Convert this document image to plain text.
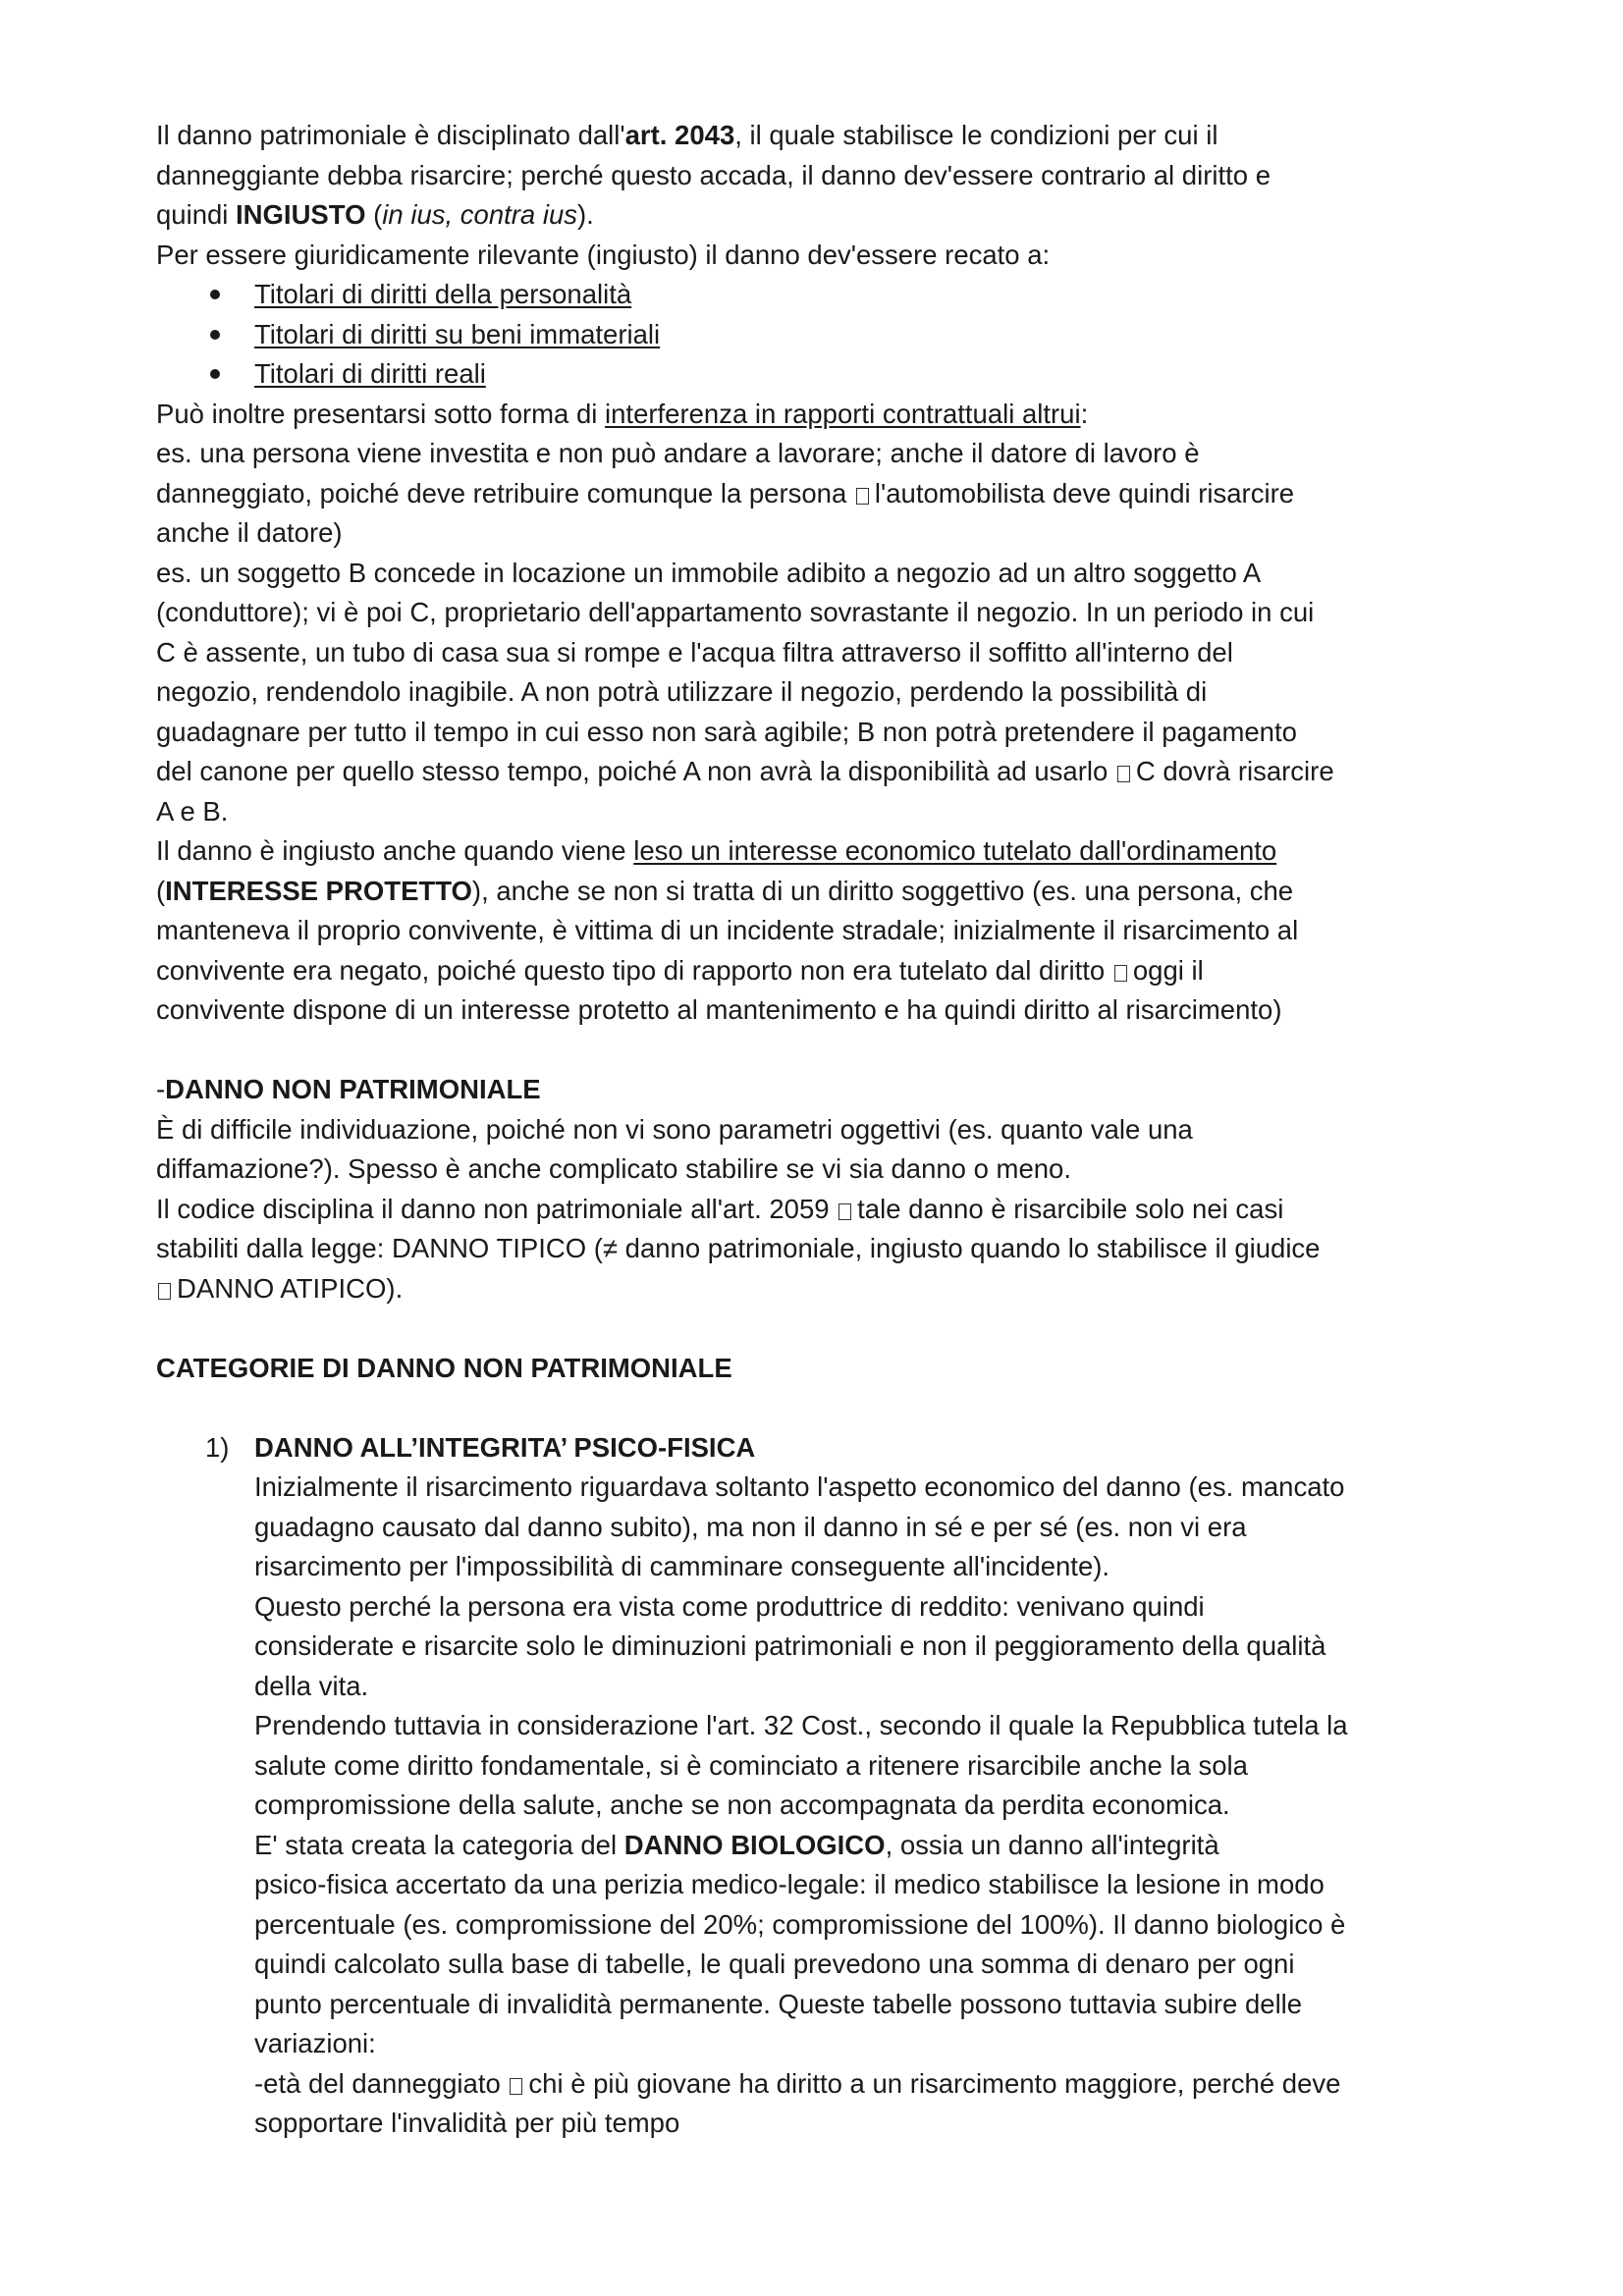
Il danno patrimoniale è disciplinato dall'art. 2043, il quale stabilisce le condizioni per cui il
danneggiante debba risarcire; perché questo accada, il danno dev'essere contrario al diritto e
quindi INGIUSTO (in ius, contra ius).

Per essere giuridicamente rilevante (ingiusto) il danno dev'essere recato a:

Titolari di diritti della personalità
Titolari di diritti su beni immateriali
Titolari di diritti reali

Può inoltre presentarsi sotto forma di interferenza in rapporti contrattuali altrui:

es. una persona viene investita e non può andare a lavorare; anche il datore di lavoro è
danneggiato, poiché deve retribuire comunque la persona l'automobilista deve quindi risarcire
anche il datore)

es. un soggetto B concede in locazione un immobile adibito a negozio ad un altro soggetto A
(conduttore); vi è poi C, proprietario dell'appartamento sovrastante il negozio. In un periodo in cui
C è assente, un tubo di casa sua si rompe e l'acqua filtra attraverso il soffitto all'interno del
negozio, rendendolo inagibile. A non potrà utilizzare il negozio, perdendo la possibilità di
guadagnare per tutto il tempo in cui esso non sarà agibile; B non potrà pretendere il pagamento
del canone per quello stesso tempo, poiché A non avrà la disponibilità ad usarlo C dovrà risarcire
A e B.

Il danno è ingiusto anche quando viene leso un interesse economico tutelato dall'ordinamento
(INTERESSE PROTETTO), anche se non si tratta di un diritto soggettivo (es. una persona, che
manteneva il proprio convivente, è vittima di un incidente stradale; inizialmente il risarcimento al
convivente era negato, poiché questo tipo di rapporto non era tutelato dal diritto oggi il
convivente dispone di un interesse protetto al mantenimento e ha quindi diritto al risarcimento)

-DANNO NON PATRIMONIALE

È di difficile individuazione, poiché non vi sono parametri oggettivi (es. quanto vale una
diffamazione?). Spesso è anche complicato stabilire se vi sia danno o meno.
Il codice disciplina il danno non patrimoniale all'art. 2059 tale danno è risarcibile solo nei casi
stabiliti dalla legge: DANNO TIPICO (≠ danno patrimoniale, ingiusto quando lo stabilisce il giudice
DANNO ATIPICO).

CATEGORIE DI DANNO NON PATRIMONIALE

1) DANNO ALL’INTEGRITA’ PSICO-FISICA

Inizialmente il risarcimento riguardava soltanto l'aspetto economico del danno (es. mancato
guadagno causato dal danno subito), ma non il danno in sé e per sé (es. non vi era
risarcimento per l'impossibilità di camminare conseguente all'incidente).

Questo perché la persona era vista come produttrice di reddito: venivano quindi
considerate e risarcite solo le diminuzioni patrimoniali e non il peggioramento della qualità
della vita.

Prendendo tuttavia in considerazione l'art. 32 Cost., secondo il quale la Repubblica tutela la
salute come diritto fondamentale, si è cominciato a ritenere risarcibile anche la sola
compromissione della salute, anche se non accompagnata da perdita economica.

E' stata creata la categoria del DANNO BIOLOGICO, ossia un danno all'integrità
psico-fisica accertato da una perizia medico-legale: il medico stabilisce la lesione in modo
percentuale (es. compromissione del 20%; compromissione del 100%). Il danno biologico è
quindi calcolato sulla base di tabelle, le quali prevedono una somma di denaro per ogni
punto percentuale di invalidità permanente. Queste tabelle possono tuttavia subire delle
variazioni:
-età del danneggiato chi è più giovane ha diritto a un risarcimento maggiore, perché deve
sopportare l'invalidità per più tempo
